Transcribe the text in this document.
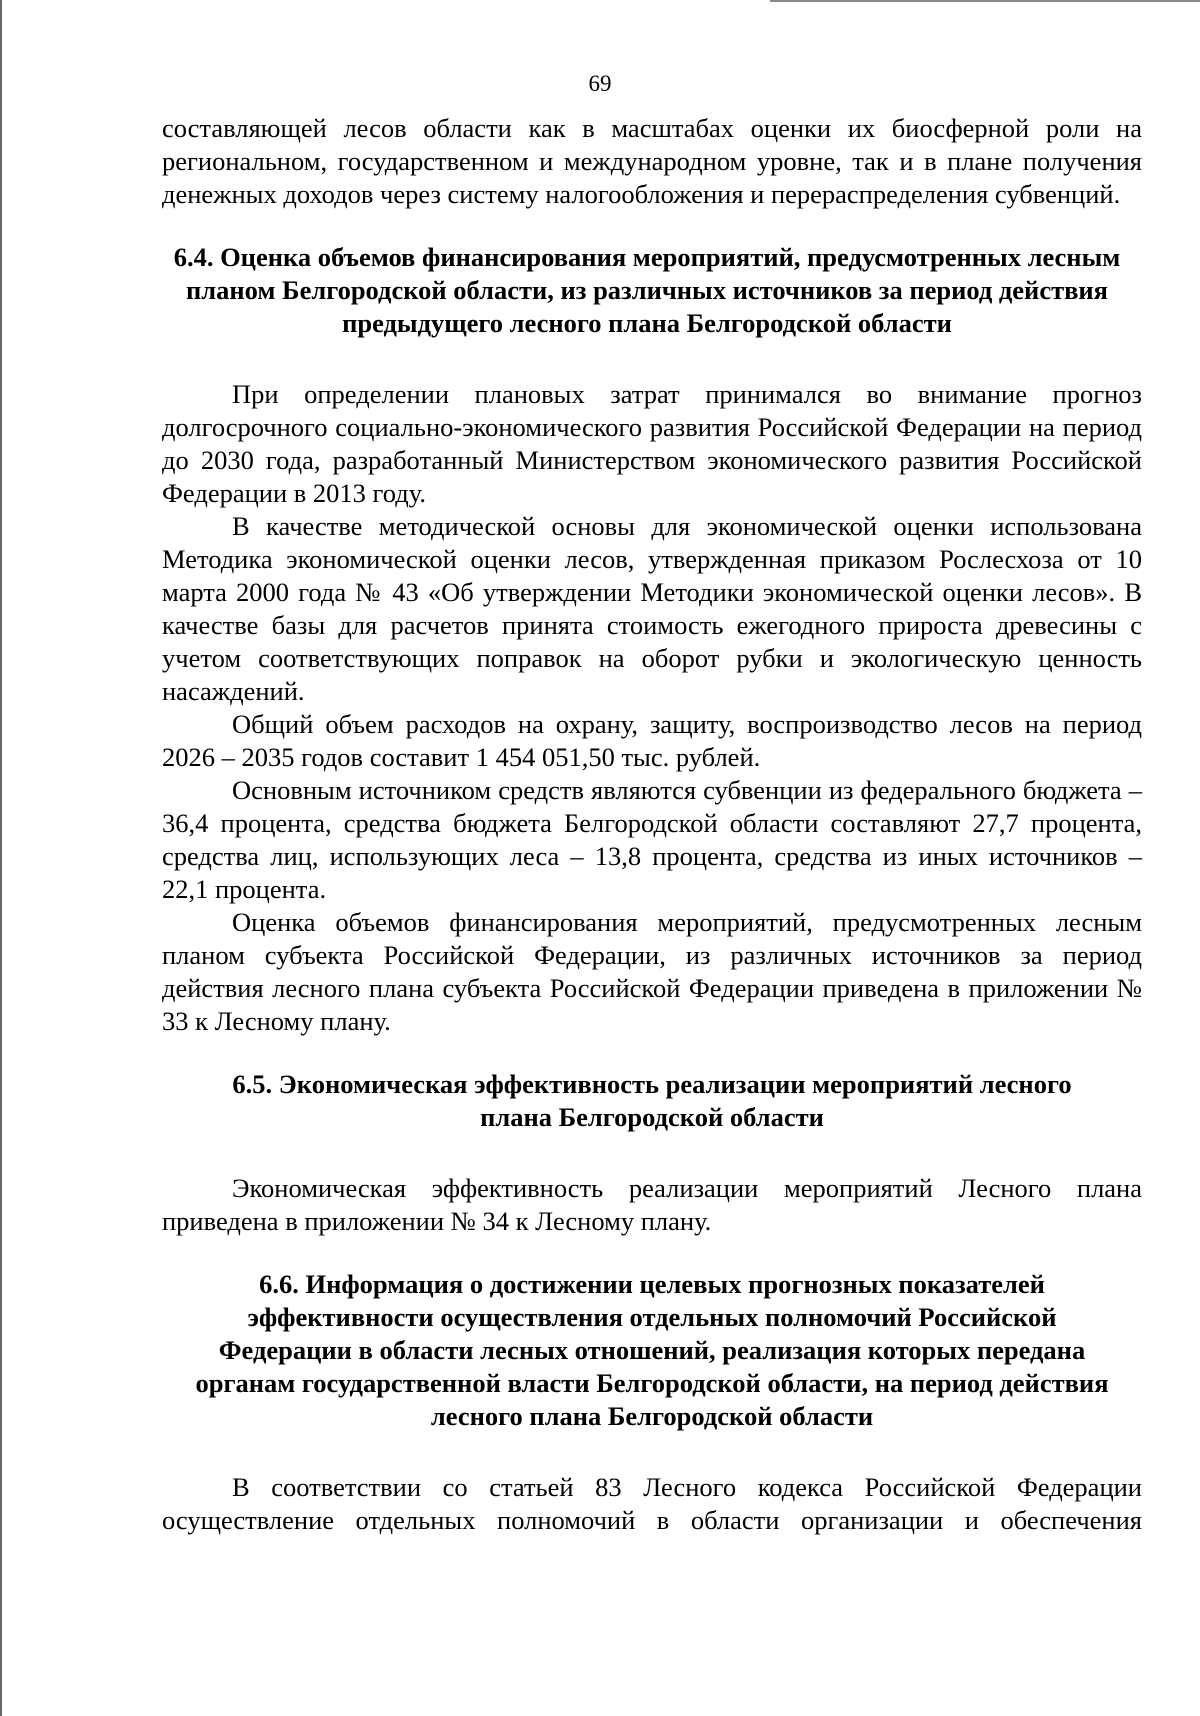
69

составляющей лесов области как в масштабах оценки их биосферной роли на региональном, государственном и международном уровне, так и в плане получения денежных доходов через систему налогообложения и перераспределения субвенций.

6.4. Оценка объемов финансирования мероприятий, предусмотренных лесным планом Белгородской области, из различных источников за период действия предыдущего лесного плана Белгородской области

При определении плановых затрат принимался во внимание прогноз долгосрочного социально-экономического развития Российской Федерации на период до 2030 года, разработанный Министерством экономического развития Российской Федерации в 2013 году.

В качестве методической основы для экономической оценки использована Методика экономической оценки лесов, утвержденная приказом Рослесхоза от 10 марта 2000 года № 43 «Об утверждении Методики экономической оценки лесов». В качестве базы для расчетов принята стоимость ежегодного прироста древесины с учетом соответствующих поправок на оборот рубки и экологическую ценность насаждений.

Общий объем расходов на охрану, защиту, воспроизводство лесов на период 2026 – 2035 годов составит 1 454 051,50 тыс. рублей.

Основным источником средств являются субвенции из федерального бюджета – 36,4 процента, средства бюджета Белгородской области составляют 27,7 процента, средства лиц, использующих леса – 13,8 процента, средства из иных источников – 22,1 процента.

Оценка объемов финансирования мероприятий, предусмотренных лесным планом субъекта Российской Федерации, из различных источников за период действия лесного плана субъекта Российской Федерации приведена в приложении № 33 к Лесному плану.

6.5. Экономическая эффективность реализации мероприятий лесного плана Белгородской области

Экономическая эффективность реализации мероприятий Лесного плана приведена в приложении № 34 к Лесному плану.

6.6. Информация о достижении целевых прогнозных показателей эффективности осуществления отдельных полномочий Российской Федерации в области лесных отношений, реализация которых передана органам государственной власти Белгородской области, на период действия лесного плана Белгородской области

В соответствии со статьей 83 Лесного кодекса Российской Федерации осуществление отдельных полномочий в области организации и обеспечения
